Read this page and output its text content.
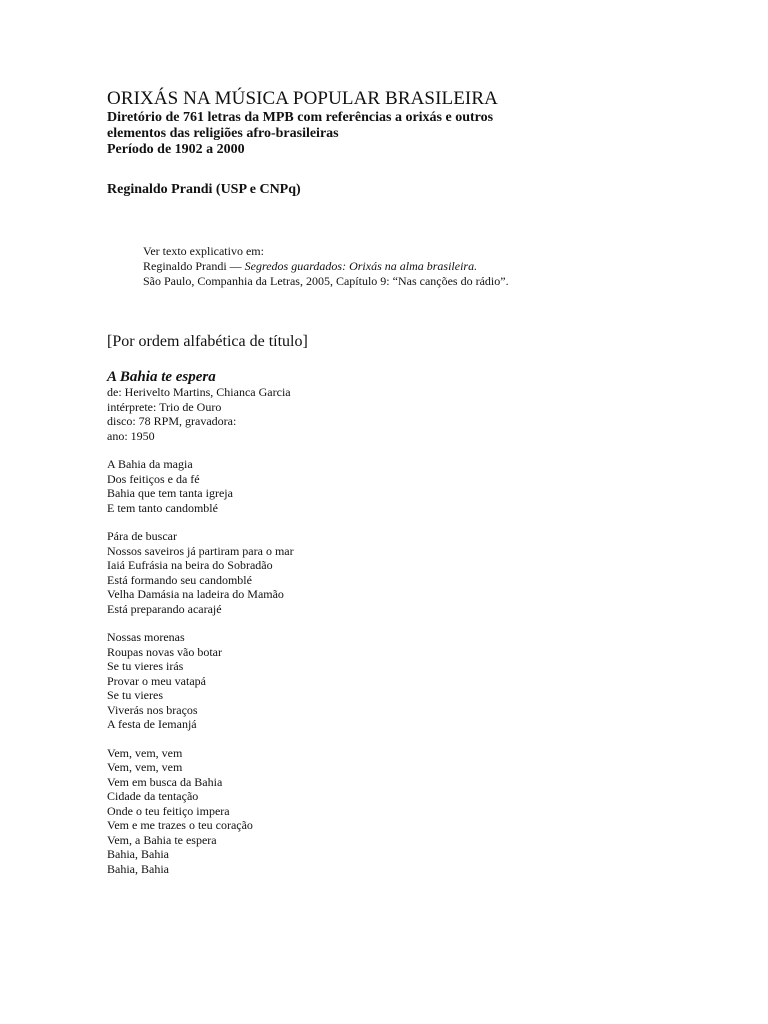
ORIXÁS NA MÚSICA POPULAR BRASILEIRA
Diretório de 761 letras da MPB com referências a orixás e outros
elementos das religiões afro-brasileiras
Período de 1902 a 2000
Reginaldo Prandi (USP e CNPq)
Ver texto explicativo em:
Reginaldo Prandi — Segredos guardados: Orixás na alma brasileira.
São Paulo, Companhia da Letras, 2005, Capítulo 9: “Nas canções do rádio”.
[Por ordem alfabética de título]
A Bahia te espera
de: Herivelto Martins, Chianca Garcia
intérprete: Trio de Ouro
disco: 78 RPM, gravadora:
ano: 1950
A Bahia da magia
Dos feitiços e da fé
Bahia que tem tanta igreja
E tem tanto candomblé
Pára de buscar
Nossos saveiros já partiram para o mar
Iaiá Eufrásia na beira do Sobradão
Está formando seu candomblé
Velha Damásia na ladeira do Mamão
Está preparando acarajé
Nossas morenas
Roupas novas vão botar
Se tu vieres irás
Provar o meu vatapá
Se tu vieres
Viverás nos braços
A festa de Iemanjá
Vem, vem, vem
Vem, vem, vem
Vem em busca da Bahia
Cidade da tentação
Onde o teu feitiço impera
Vem e me trazes o teu coração
Vem, a Bahia te espera
Bahia, Bahia
Bahia, Bahia
